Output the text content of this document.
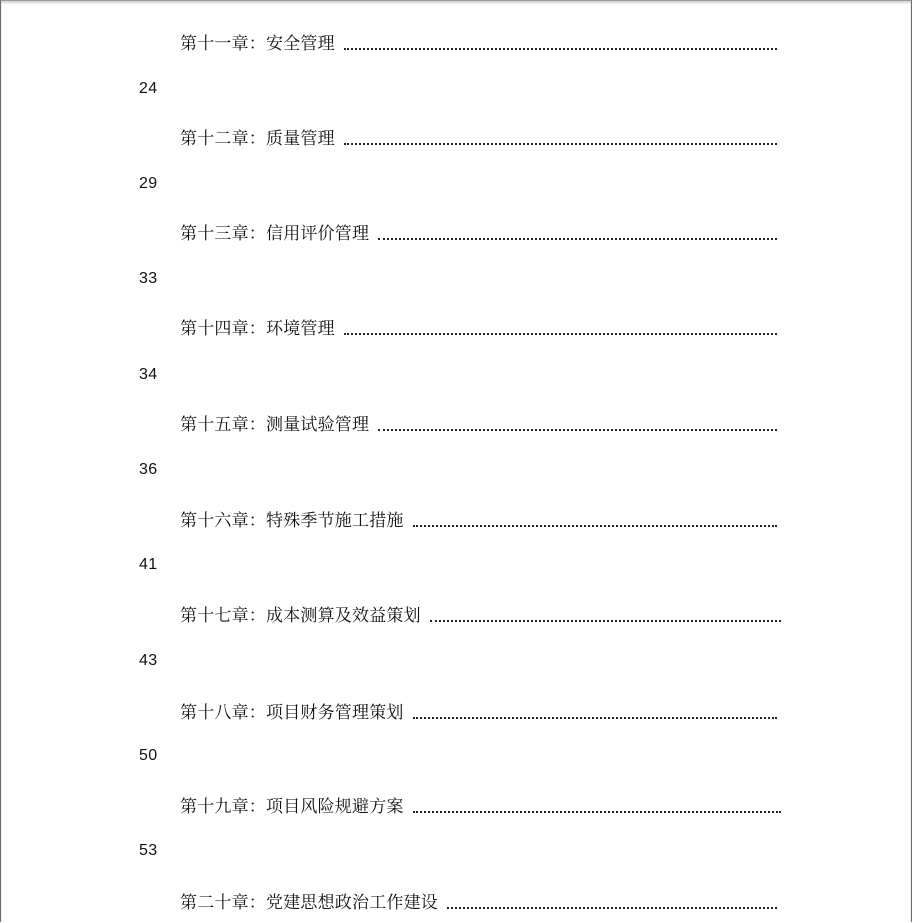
第十一章：安全管理
24
第十二章：质量管理
29
第十三章：信用评价管理
33
第十四章：环境管理
34
第十五章：测量试验管理
36
第十六章：特殊季节施工措施
41
第十七章：成本测算及效益策划
43
第十八章：项目财务管理策划
50
第十九章：项目风险规避方案
53
第二十章：党建思想政治工作建设
